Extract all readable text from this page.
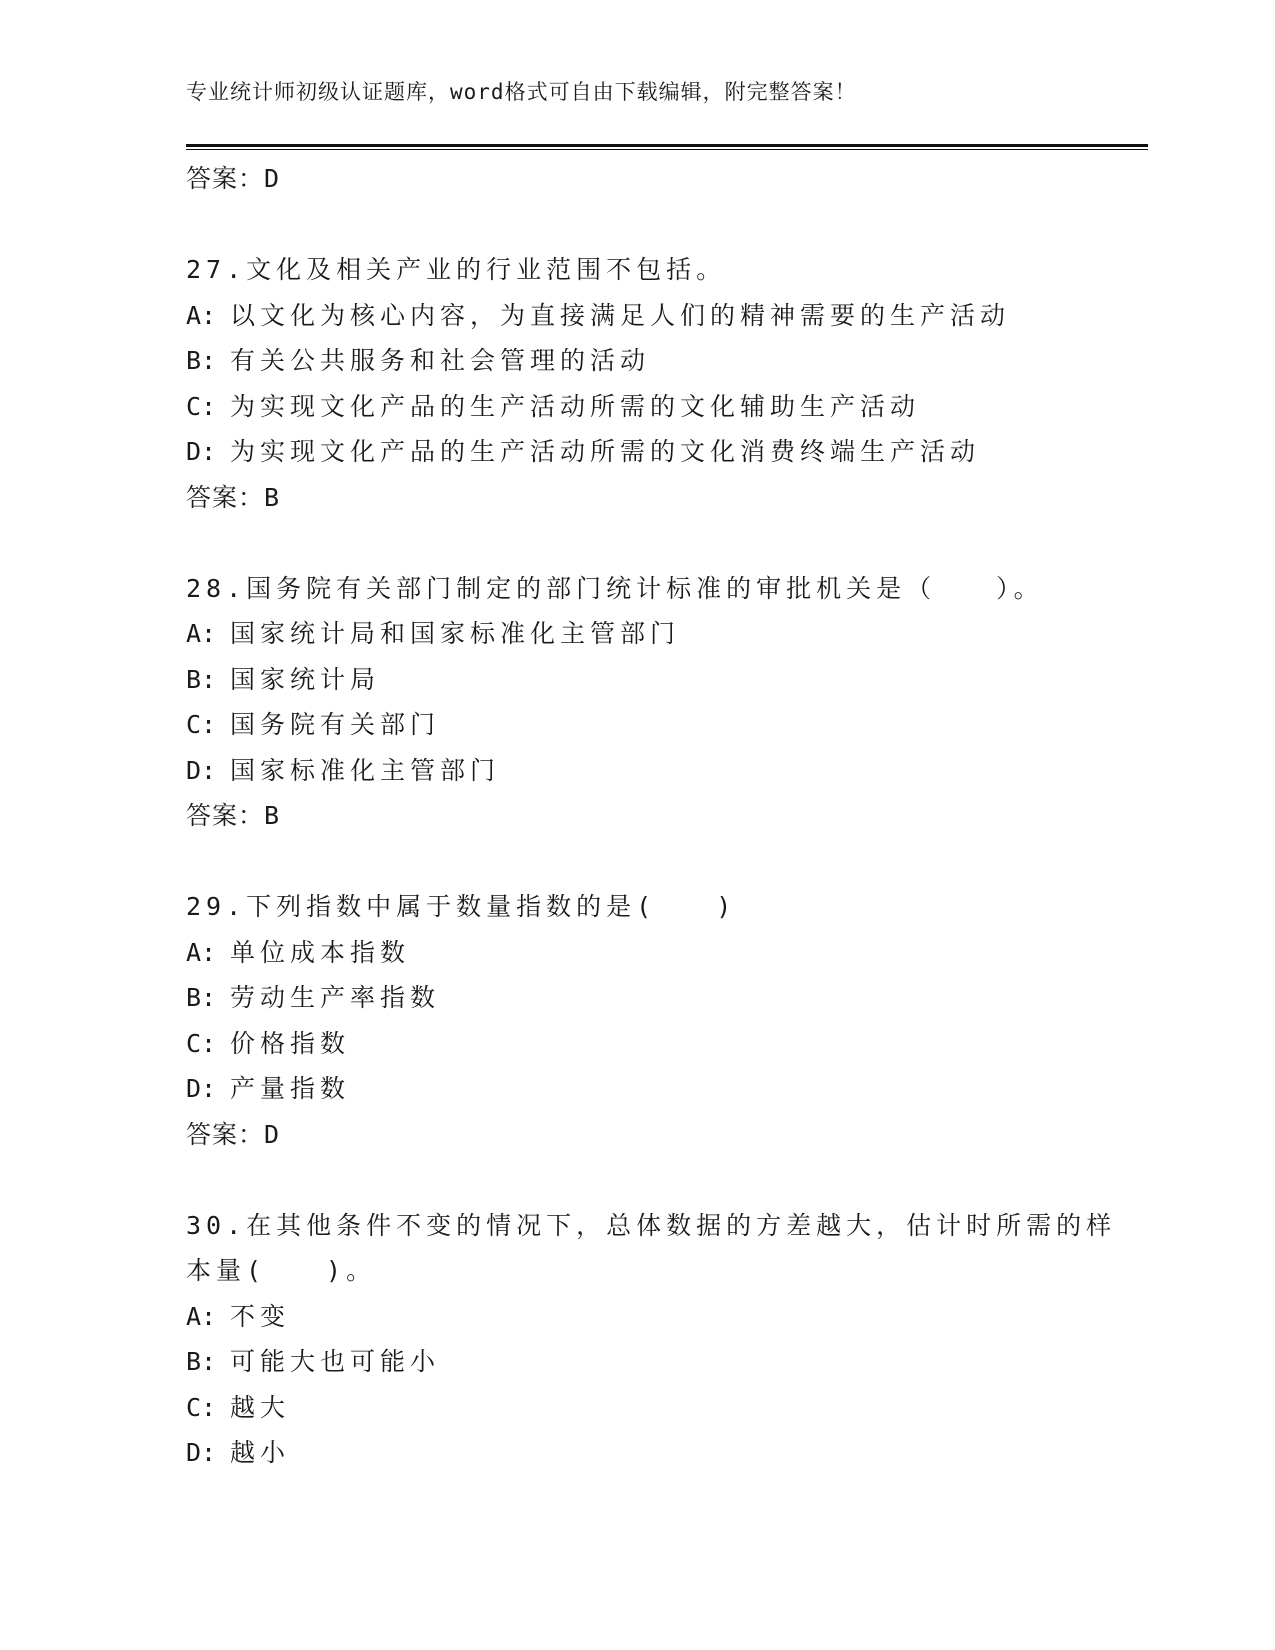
专业统计师初级认证题库，word格式可自由下载编辑，附完整答案！
答案：D
27.文化及相关产业的行业范围不包括。
A: 以文化为核心内容，为直接满足人们的精神需要的生产活动
B: 有关公共服务和社会管理的活动
C: 为实现文化产品的生产活动所需的文化辅助生产活动
D: 为实现文化产品的生产活动所需的文化消费终端生产活动
答案：B
28.国务院有关部门制定的部门统计标准的审批机关是（　　）。
A: 国家统计局和国家标准化主管部门
B: 国家统计局
C: 国务院有关部门
D: 国家标准化主管部门
答案：B
29.下列指数中属于数量指数的是(　　)
A: 单位成本指数
B: 劳动生产率指数
C: 价格指数
D: 产量指数
答案：D
30.在其他条件不变的情况下，总体数据的方差越大，估计时所需的样
本量(　　)。
A: 不变
B: 可能大也可能小
C: 越大
D: 越小
